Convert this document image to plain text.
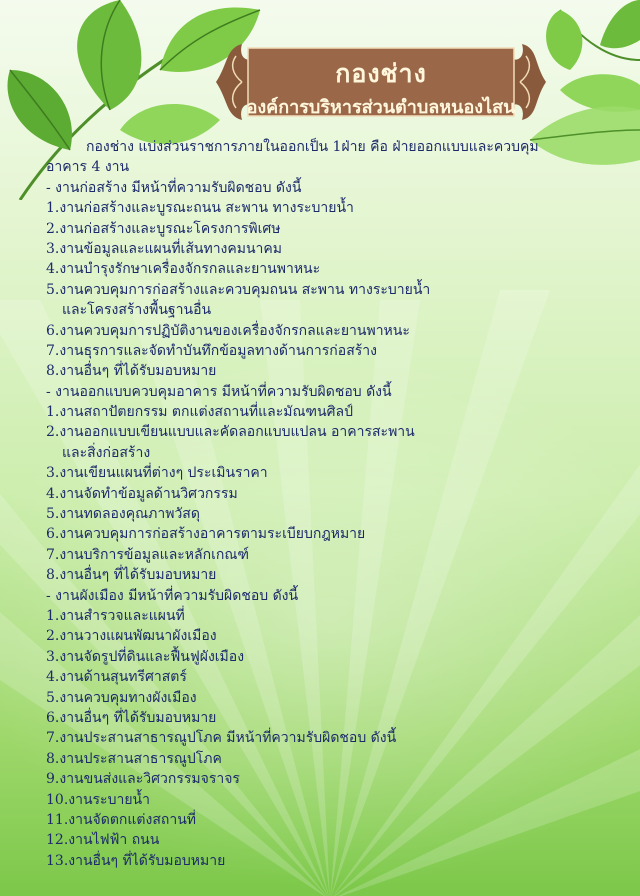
กองช่าง
องค์การบริหารส่วนตำบลหนองไสน
กองช่าง แบ่งส่วนราชการภายในออกเป็น 1ฝ่าย คือ ฝ่ายออกแบบและควบคุม
อาคาร 4 งาน
- งานก่อสร้าง มีหน้าที่ความรับผิดชอบ ดังนี้
1.งานก่อสร้างและบูรณะถนน สะพาน ทางระบายน้ำ
2.งานก่อสร้างและบูรณะโครงการพิเศษ
3.งานข้อมูลและแผนที่เส้นทางคมนาคม
4.งานบำรุงรักษาเครื่องจักรกลและยานพาหนะ
5.งานควบคุมการก่อสร้างและควบคุมถนน สะพาน ทางระบายน้ำ
และโครงสร้างพื้นฐานอื่น
6.งานควบคุมการปฏิบัติงานของเครื่องจักรกลและยานพาหนะ
7.งานธุรการและจัดทำบันทึกข้อมูลทางด้านการก่อสร้าง
8.งานอื่นๆ ที่ได้รับมอบหมาย
- งานออกแบบควบคุมอาคาร มีหน้าที่ความรับผิดชอบ ดังนี้
1.งานสถาปัตยกรรม ตกแต่งสถานที่และมัณฑนศิลป์
2.งานออกแบบเขียนแบบและคัดลอกแบบแปลน อาคารสะพาน
และสิ่งก่อสร้าง
3.งานเขียนแผนที่ต่างๆ ประเมินราคา
4.งานจัดทำข้อมูลด้านวิศวกรรม
5.งานทดลองคุณภาพวัสดุ
6.งานควบคุมการก่อสร้างอาคารตามระเบียบกฎหมาย
7.งานบริการข้อมูลและหลักเกณฑ์
8.งานอื่นๆ ที่ได้รับมอบหมาย
- งานผังเมือง มีหน้าที่ความรับผิดชอบ ดังนี้
1.งานสำรวจและแผนที่
2.งานวางแผนพัฒนาผังเมือง
3.งานจัดรูปที่ดินและฟื้นฟูผังเมือง
4.งานด้านสุนทรีศาสตร์
5.งานควบคุมทางผังเมือง
6.งานอื่นๆ ที่ได้รับมอบหมาย
7.งานประสานสาธารณูปโภค มีหน้าที่ความรับผิดชอบ ดังนี้
8.งานประสานสาธารณูปโภค
9.งานขนส่งและวิศวกรรมจราจร
10.งานระบายน้ำ
11.งานจัดตกแต่งสถานที่
12.งานไฟฟ้า ถนน
13.งานอื่นๆ ที่ได้รับมอบหมาย
